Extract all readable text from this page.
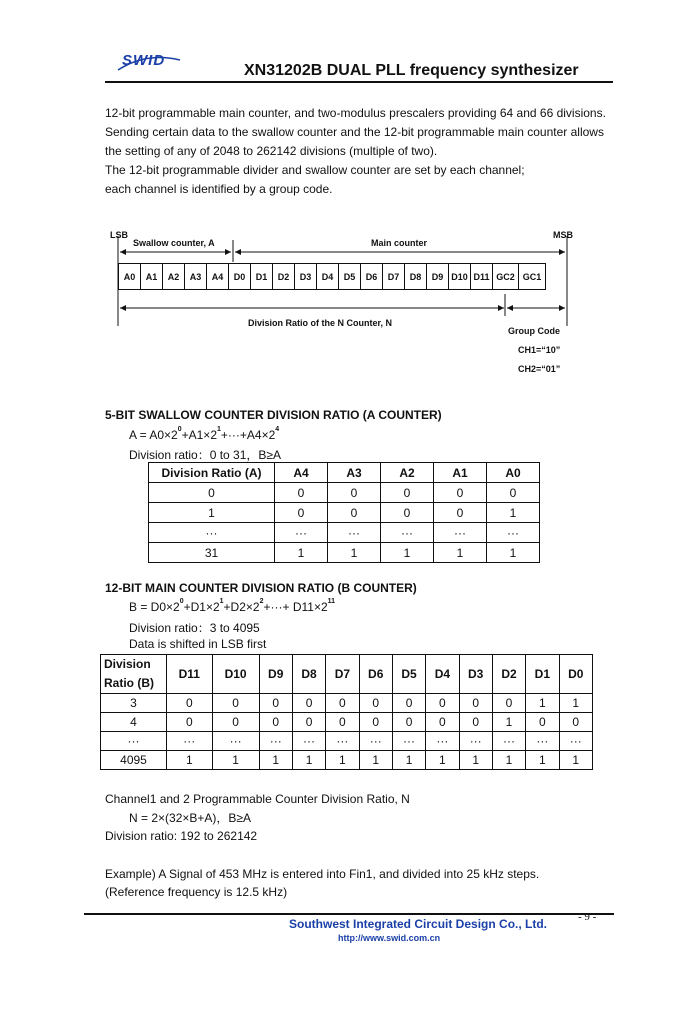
SWID
XN31202B DUAL PLL frequency synthesizer
12-bit programmable main counter, and two-modulus prescalers providing 64 and 66 divisions.
Sending certain data to the swallow counter and the 12-bit programmable main counter allows
the setting of any of 2048 to 262142 divisions (multiple of two).
The 12-bit programmable divider and swallow counter are set by each channel;
each channel is identified by a group code.
LSB	MSB
Swallow counter, A	Main counter
A0	A1	A2	A3	A4	D0	D1	D2	D3	D4	D5	D6	D7	D8	D9 D10 D11 GC2 GC1
Division Ratio of the N Counter, N
Group Code
CH1=“10”
CH2=“01”
5-BIT SWALLOW COUNTER DIVISION RATIO (A COUNTER)
$A = A0\times 2^0+A1\times 2^1+\cdot\cdot\cdot+A4\times 2^4$
Division ratio：0 to 31，B≥A
Division Ratio (A)	A4	A3	A2	A1	A0
0	0	0	0	0	0
1	0	0	0	0	1
···	···	···	···	···	···
31	1	1	1	1	1
12-BIT MAIN COUNTER DIVISION RATIO (B COUNTER)
$B = D0\times 2^0+D1\times 2^1+D2\times 2^2+\cdot\cdot\cdot+ D11\times 2^{11}$
Division ratio：3 to 4095
Data is shifted in LSB first
Division
Ratio (B)	D11	D10	D9	D8	D7	D6	D5	D4	D3	D2	D1	D0
3	0	0	0	0	0	0	0	0	0	0	1	1
4	0	0	0	0	0	0	0	0	0	1	0	0
···	···	···	···	···	···	···	···	···	···	···	···	···
4095	1	1	1	1	1	1	1	1	1	1	1	1
Channel1 and 2 Programmable Counter Division Ratio, N
N = 2×(32×B+A)，B≥A
Division ratio: 192 to 262142
Example) A Signal of 453 MHz is entered into Fin1, and divided into 25 kHz steps.
(Reference frequency is 12.5 kHz)
- 9 -
Southwest Integrated Circuit Design Co., Ltd.
http://www.swid.com.cn
